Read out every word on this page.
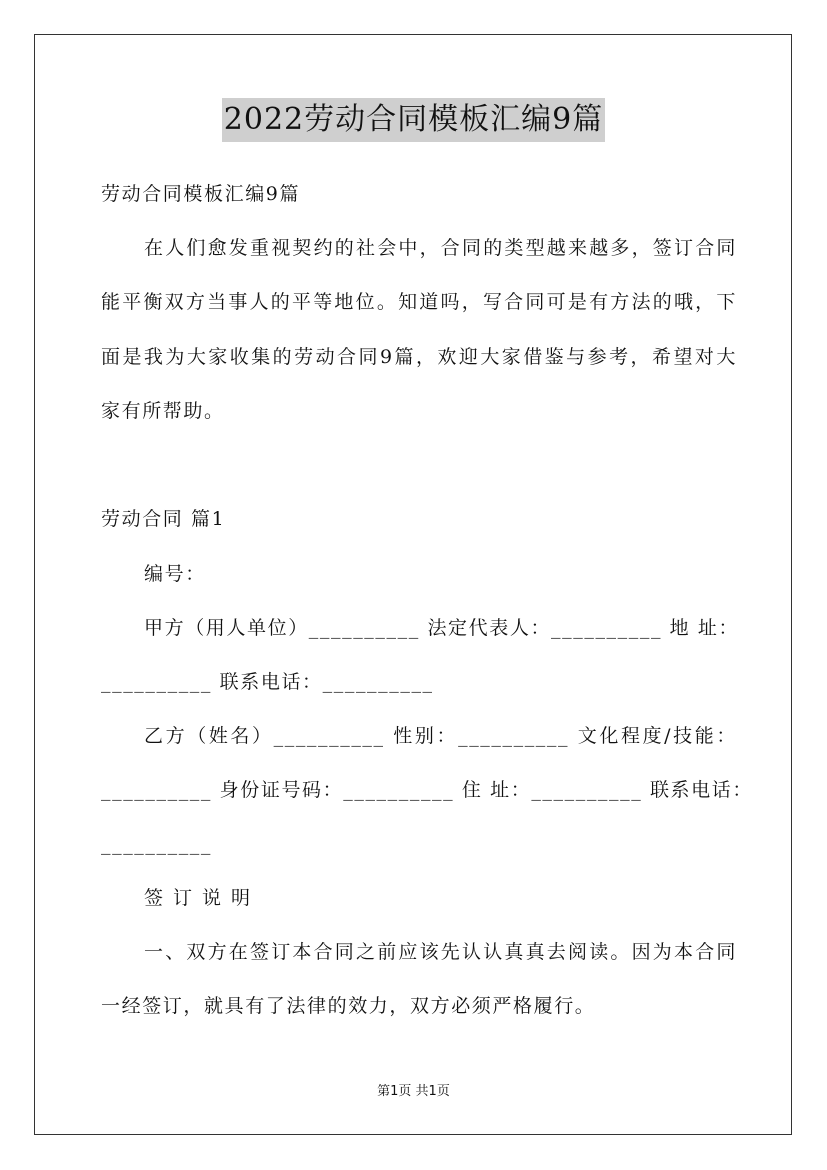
2022劳动合同模板汇编9篇
劳动合同模板汇编9篇
在人们愈发重视契约的社会中，合同的类型越来越多，签订合同
能平衡双方当事人的平等地位。知道吗，写合同可是有方法的哦，下
面是我为大家收集的劳动合同9篇，欢迎大家借鉴与参考，希望对大
家有所帮助。
劳动合同 篇1
编号：
甲方（用人单位）__________ 法定代表人：__________ 地 址：
__________ 联系电话：__________
乙方（姓名）__________ 性别：__________ 文化程度/技能：
__________ 身份证号码：__________ 住 址：__________ 联系电话：
__________
签订说明
一、双方在签订本合同之前应该先认认真真去阅读。因为本合同
一经签订，就具有了法律的效力，双方必须严格履行。
第1页 共1页
